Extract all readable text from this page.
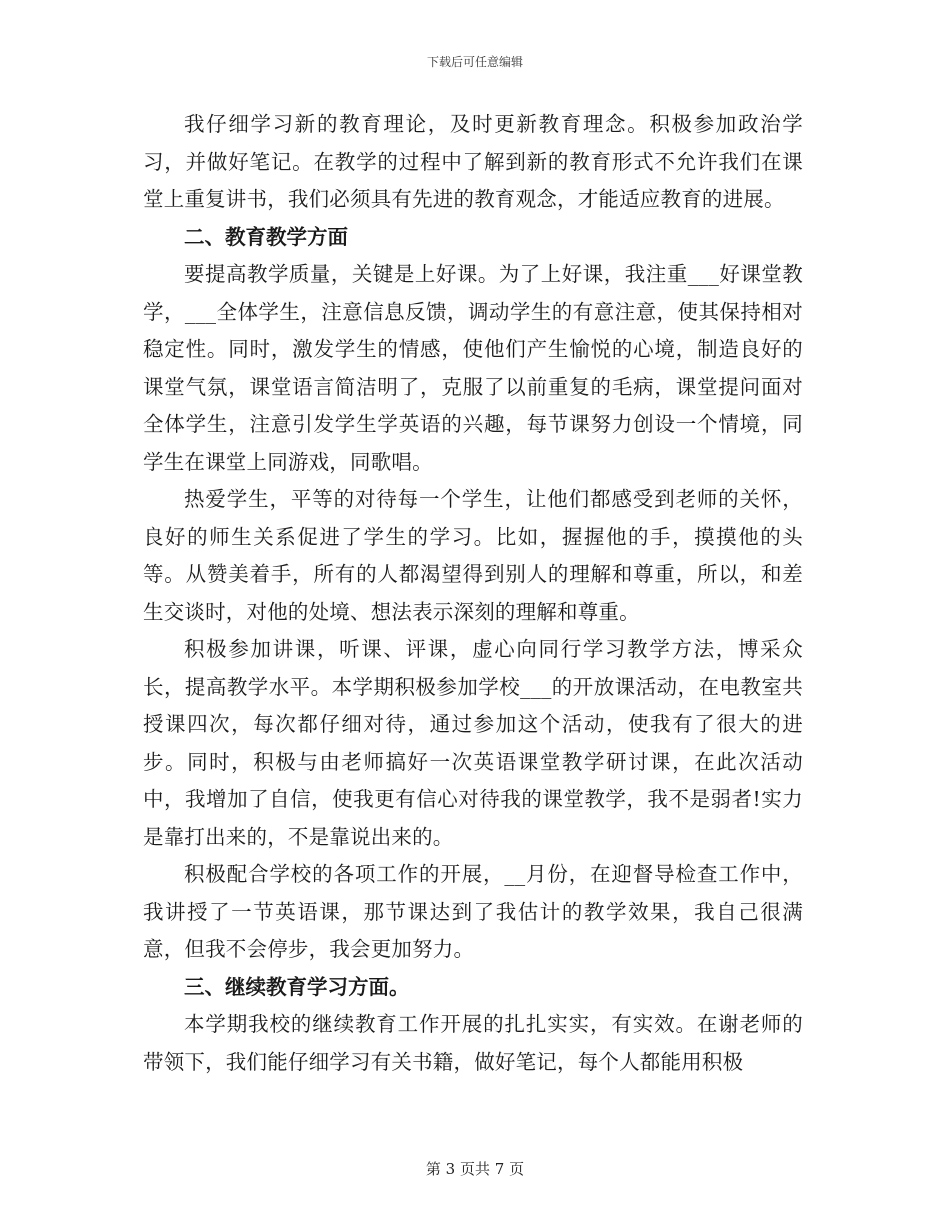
下载后可任意编辑

我仔细学习新的教育理论，及时更新教育理念。积极参加政治学习，并做好笔记。在教学的过程中了解到新的教育形式不允许我们在课堂上重复讲书，我们必须具有先进的教育观念，才能适应教育的进展。

二、教育教学方面

要提高教学质量，关键是上好课。为了上好课，我注重___好课堂教学，___全体学生，注意信息反馈，调动学生的有意注意，使其保持相对稳定性。同时，激发学生的情感，使他们产生愉悦的心境，制造良好的课堂气氛，课堂语言简洁明了，克服了以前重复的毛病，课堂提问面对全体学生，注意引发学生学英语的兴趣，每节课努力创设一个情境，同学生在课堂上同游戏，同歌唱。

热爱学生，平等的对待每一个学生，让他们都感受到老师的关怀，良好的师生关系促进了学生的学习。比如，握握他的手，摸摸他的头等。从赞美着手，所有的人都渴望得到别人的理解和尊重，所以，和差生交谈时，对他的处境、想法表示深刻的理解和尊重。

积极参加讲课，听课、评课，虚心向同行学习教学方法，博采众长，提高教学水平。本学期积极参加学校___的开放课活动，在电教室共授课四次，每次都仔细对待，通过参加这个活动，使我有了很大的进步。同时，积极与由老师搞好一次英语课堂教学研讨课，在此次活动中，我增加了自信，使我更有信心对待我的课堂教学，我不是弱者!实力是靠打出来的，不是靠说出来的。

积极配合学校的各项工作的开展，__月份，在迎督导检查工作中，我讲授了一节英语课，那节课达到了我估计的教学效果，我自己很满意，但我不会停步，我会更加努力。

三、继续教育学习方面。

本学期我校的继续教育工作开展的扎扎实实，有实效。在谢老师的带领下，我们能仔细学习有关书籍，做好笔记，每个人都能用积极

第 3 页共 7 页
